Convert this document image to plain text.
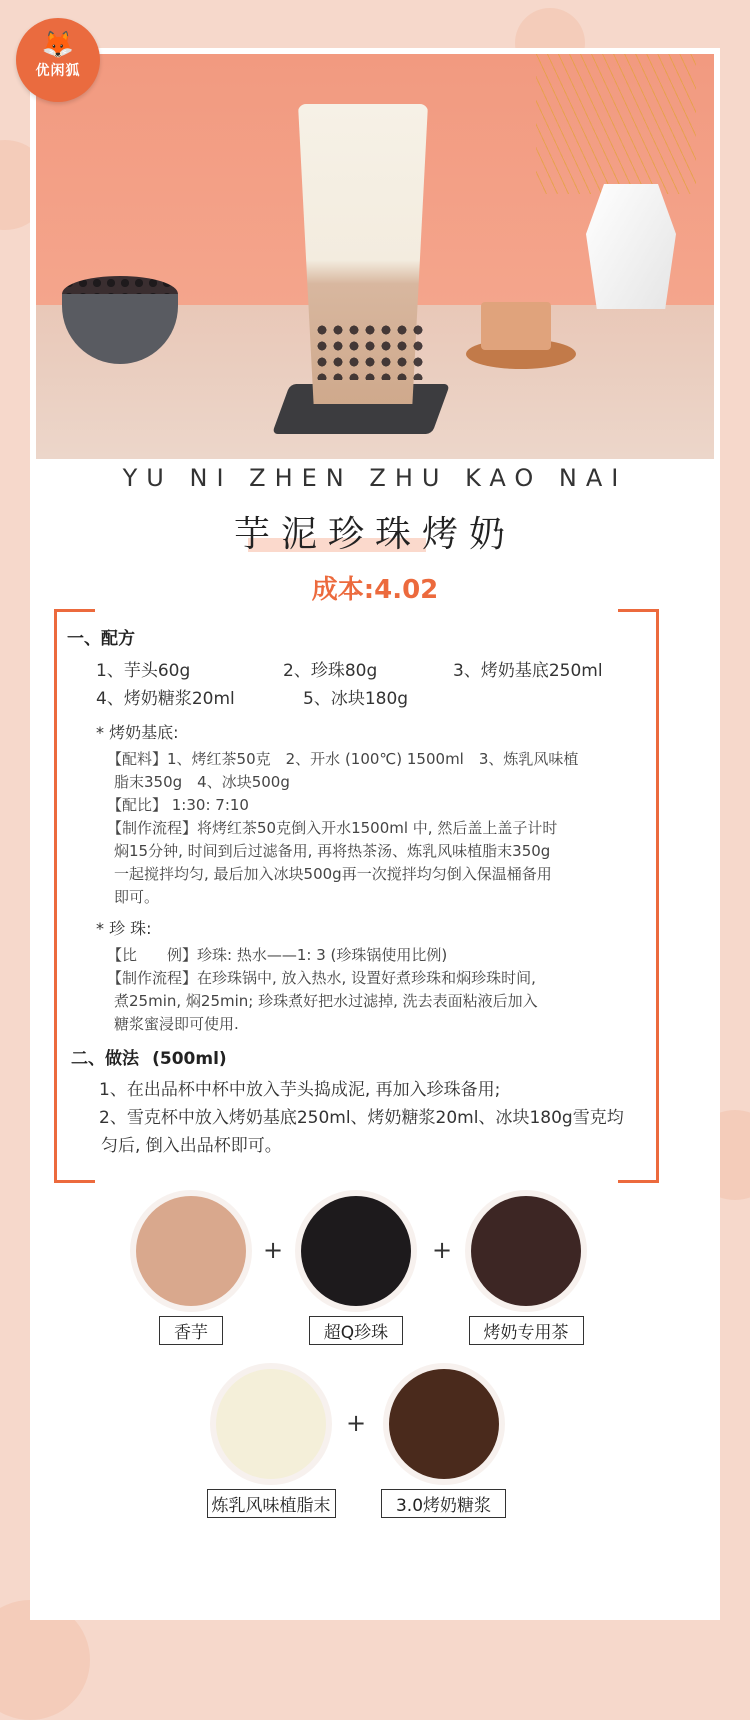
🦊
优闲狐
YU NI ZHEN ZHU KAO NAI
芋泥珍珠烤奶
成本:4.02
一、配方
1、芋头60g	2、珍珠80g	3、烤奶基底250ml
4、烤奶糖浆20ml	5、冰块180g
* 烤奶基底:
【配料】1、烤红茶50克　2、开水 (100℃) 1500ml　3、炼乳风味植
脂末350g　4、冰块500g
【配比】 1:30: 7:10
【制作流程】将烤红茶50克倒入开水1500ml 中, 然后盖上盖子计时
焖15分钟, 时间到后过滤备用, 再将热茶汤、炼乳风味植脂末350g
一起搅拌均匀, 最后加入冰块500g再一次搅拌均匀倒入保温桶备用
即可。
* 珍 珠:
【比　　例】珍珠: 热水——1: 3 (珍珠锅使用比例)
【制作流程】在珍珠锅中, 放入热水, 设置好煮珍珠和焖珍珠时间,
煮25min, 焖25min; 珍珠煮好把水过滤掉, 洗去表面粘液后加入
糖浆蜜浸即可使用.
二、做法 (500ml)
1、在出品杯中杯中放入芋头捣成泥, 再加入珍珠备用;
2、雪克杯中放入烤奶基底250ml、烤奶糖浆20ml、冰块180g雪克均
匀后, 倒入出品杯即可。
香芋
+
超Q珍珠
+
烤奶专用茶
炼乳风味植脂末
+
3.0烤奶糖浆
